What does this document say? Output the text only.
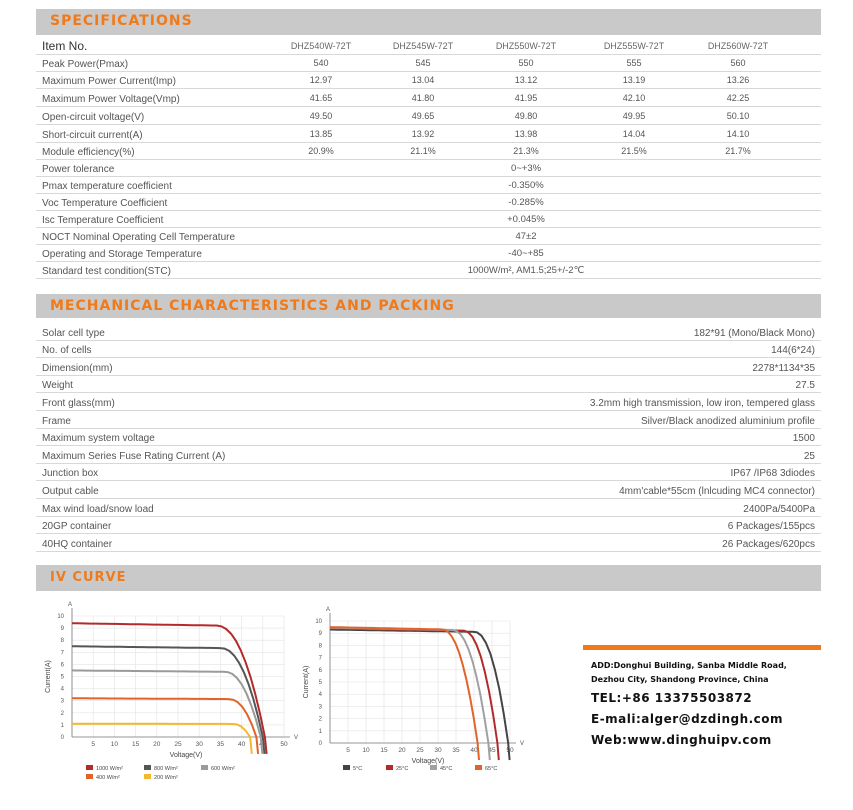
SPECIFICATIONS
Item No.	DHZ540W-72T	DHZ545W-72T	DHZ550W-72T	DHZ555W-72T	DHZ560W-72T
Peak Power(Pmax)	540	545	550	555	560
Maximum Power Current(Imp)	12.97	13.04	13.12	13.19	13.26
Maximum Power Voltage(Vmp)	41.65	41.80	41.95	42.10	42.25
Open-circuit voltage(V)	49.50	49.65	49.80	49.95	50.10
Short-circuit current(A)	13.85	13.92	13.98	14.04	14.10
Module efficiency(%)	20.9%	21.1%	21.3%	21.5%	21.7%
Power tolerance	0~+3%
Pmax temperature coefficient	-0.350%
Voc Temperature Coefficient	-0.285%
Isc Temperature Coefficient	+0.045%
NOCT Nominal Operating Cell Temperature	47±2
Operating and Storage Temperature	-40~+85
Standard test condition(STC)	1000W/m², AM1.5;25+/-2℃
MECHANICAL CHARACTERISTICS AND PACKING
Solar cell type	182*91 (Mono/Black Mono)
No. of cells	144(6*24)
Dimension(mm)	2278*1134*35
Weight	27.5
Front glass(mm)	3.2mm high transmission, low iron, tempered glass
Frame	Silver/Black anodized aluminium profile
Maximum system voltage	1500
Maximum Series Fuse Rating Current (A)	25
Junction box	IP67 /IP68 3diodes
Output cable	4mm'cable*55cm (lnlcuding MC4 connector)
Max wind load/snow load	2400Pa/5400Pa
20GP container	6 Packages/155pcs
40HQ container	26 Packages/620pcs
IV CURVE
0
1
2
3
4
5
6
7
8
9
10
5 10 15 20 25 30 35 40 45 50
A
V
Voltage(V)
Current(A)
1000 W/m²	800 W/m²	600 W/m²
400 W/m²	200 W/m²
0
1
2
3
4
5
6
7
8
9
10
5 10 15 20 25 30 35 40 45 50
A
V
Voltage(V)
Current(A)
5°C	25°C	45°C	65°C
ADD:Donghui Building, Sanba Middle Road, Dezhou City, Shandong Province, China
TEL:+86 13375503872
E-mali:alger@dzdingh.com
Web:www.dinghuipv.com
